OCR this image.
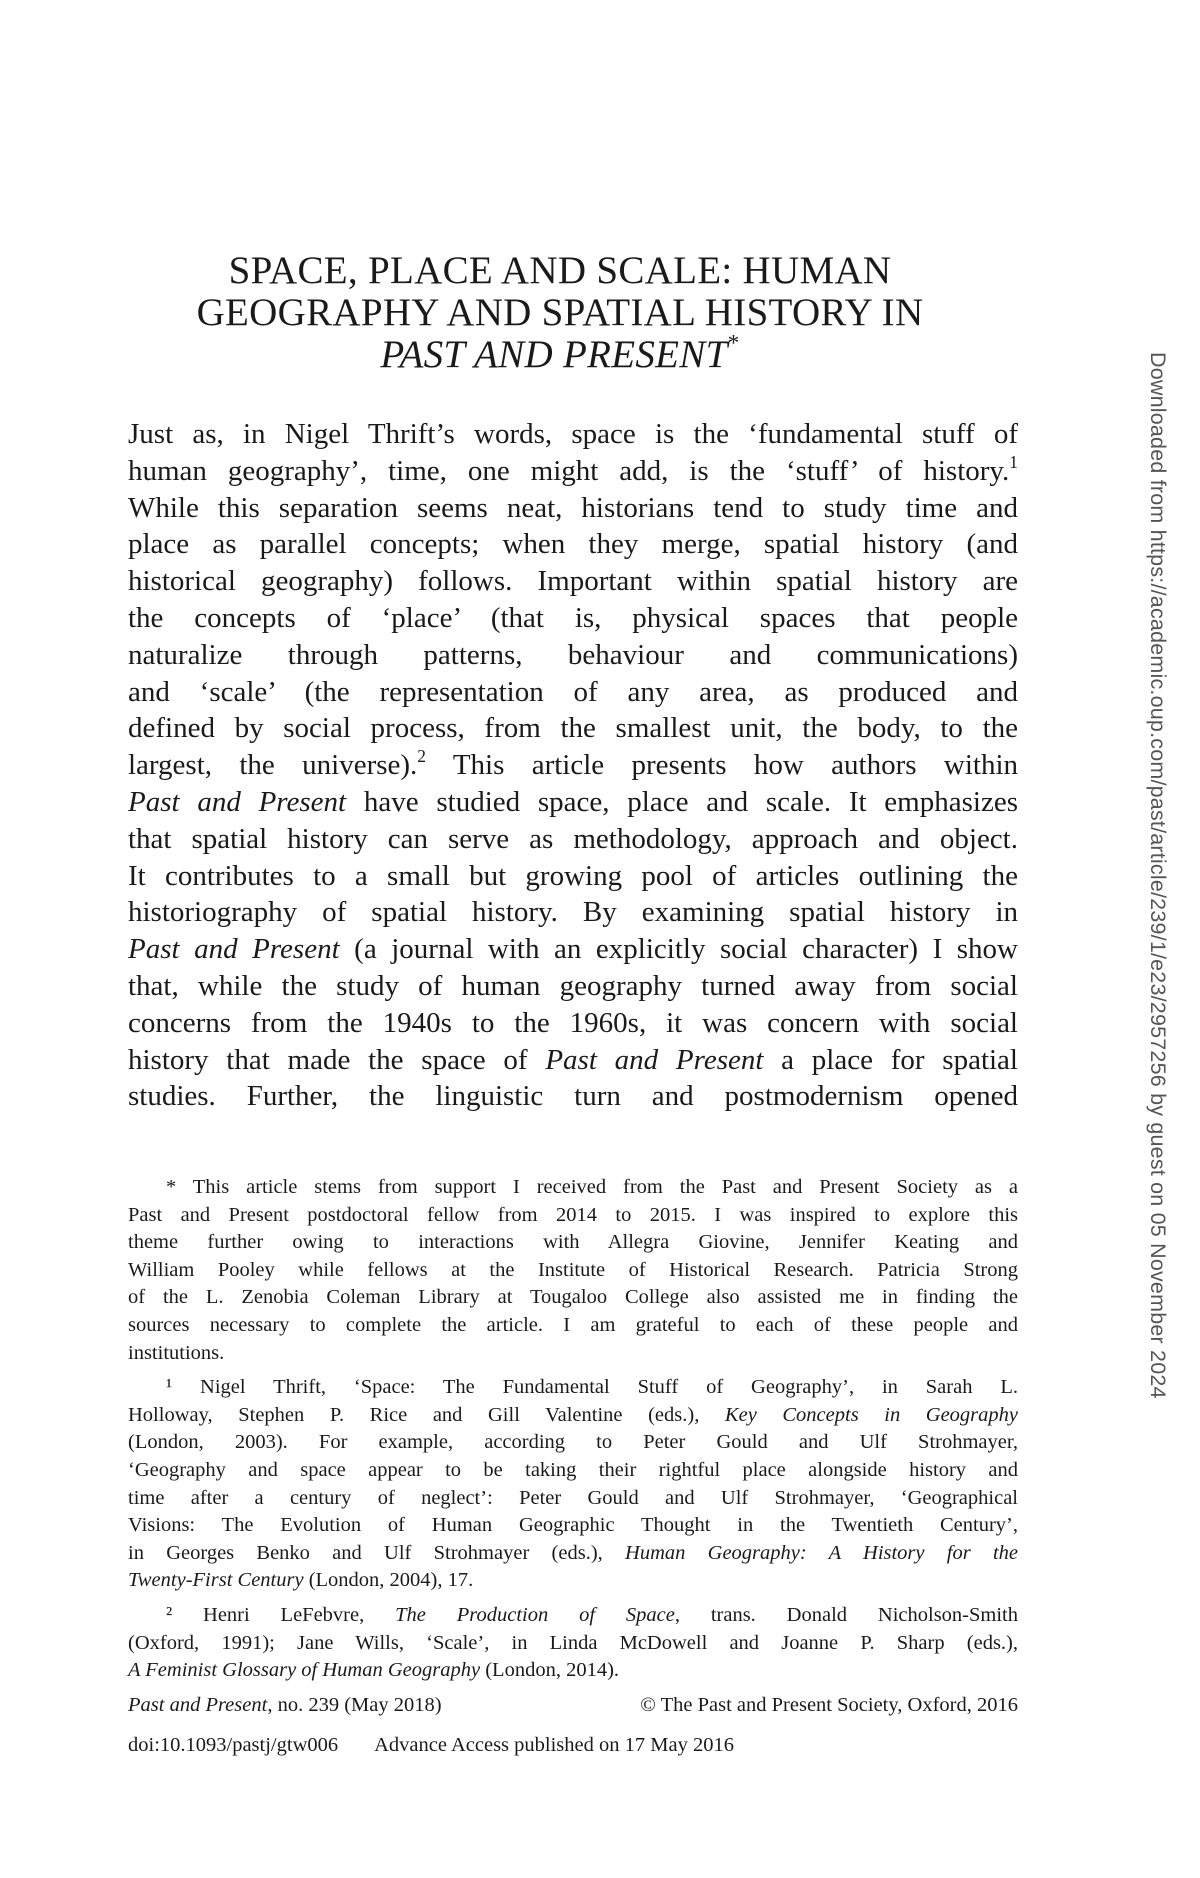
SPACE, PLACE AND SCALE: HUMAN
GEOGRAPHY AND SPATIAL HISTORY IN
PAST AND PRESENT*
Just as, in Nigel Thrift’s words, space is the ‘fundamental stuff of
human geography’, time, one might add, is the ‘stuff’ of history.$^1$
While this separation seems neat, historians tend to study time and
place as parallel concepts; when they merge, spatial history (and
historical geography) follows. Important within spatial history are
the concepts of ‘place’ (that is, physical spaces that people
naturalize through patterns, behaviour and communications)
and ‘scale’ (the representation of any area, as produced and
defined by social process, from the smallest unit, the body, to the
largest, the universe).$^2$ This article presents how authors within
Past and Present have studied space, place and scale. It emphasizes
that spatial history can serve as methodology, approach and object.
It contributes to a small but growing pool of articles outlining the
historiography of spatial history. By examining spatial history in
Past and Present (a journal with an explicitly social character) I show
that, while the study of human geography turned away from social
concerns from the 1940s to the 1960s, it was concern with social
history that made the space of Past and Present a place for spatial
studies. Further, the linguistic turn and postmodernism opened
* This article stems from support I received from the Past and Present Society as a
Past and Present postdoctoral fellow from 2014 to 2015. I was inspired to explore this
theme further owing to interactions with Allegra Giovine, Jennifer Keating and
William Pooley while fellows at the Institute of Historical Research. Patricia Strong
of the L. Zenobia Coleman Library at Tougaloo College also assisted me in finding the
sources necessary to complete the article. I am grateful to each of these people and
institutions.
¹ Nigel Thrift, ‘Space: The Fundamental Stuff of Geography’, in Sarah L.
Holloway, Stephen P. Rice and Gill Valentine (eds.), Key Concepts in Geography
(London, 2003). For example, according to Peter Gould and Ulf Strohmayer,
‘Geography and space appear to be taking their rightful place alongside history and
time after a century of neglect’: Peter Gould and Ulf Strohmayer, ‘Geographical
Visions: The Evolution of Human Geographic Thought in the Twentieth Century’,
in Georges Benko and Ulf Strohmayer (eds.), Human Geography: A History for the
Twenty-First Century (London, 2004), 17.
² Henri LeFebvre, The Production of Space, trans. Donald Nicholson-Smith
(Oxford, 1991); Jane Wills, ‘Scale’, in Linda McDowell and Joanne P. Sharp (eds.),
A Feminist Glossary of Human Geography (London, 2014).
Past and Present, no. 239 (May 2018)	© The Past and Present Society, Oxford, 2016
doi:10.1093/pastj/gtw006 Advance Access published on 17 May 2016
Downloaded from https://academic.oup.com/past/article/239/1/e23/2957256 by guest on 05 November 2024
